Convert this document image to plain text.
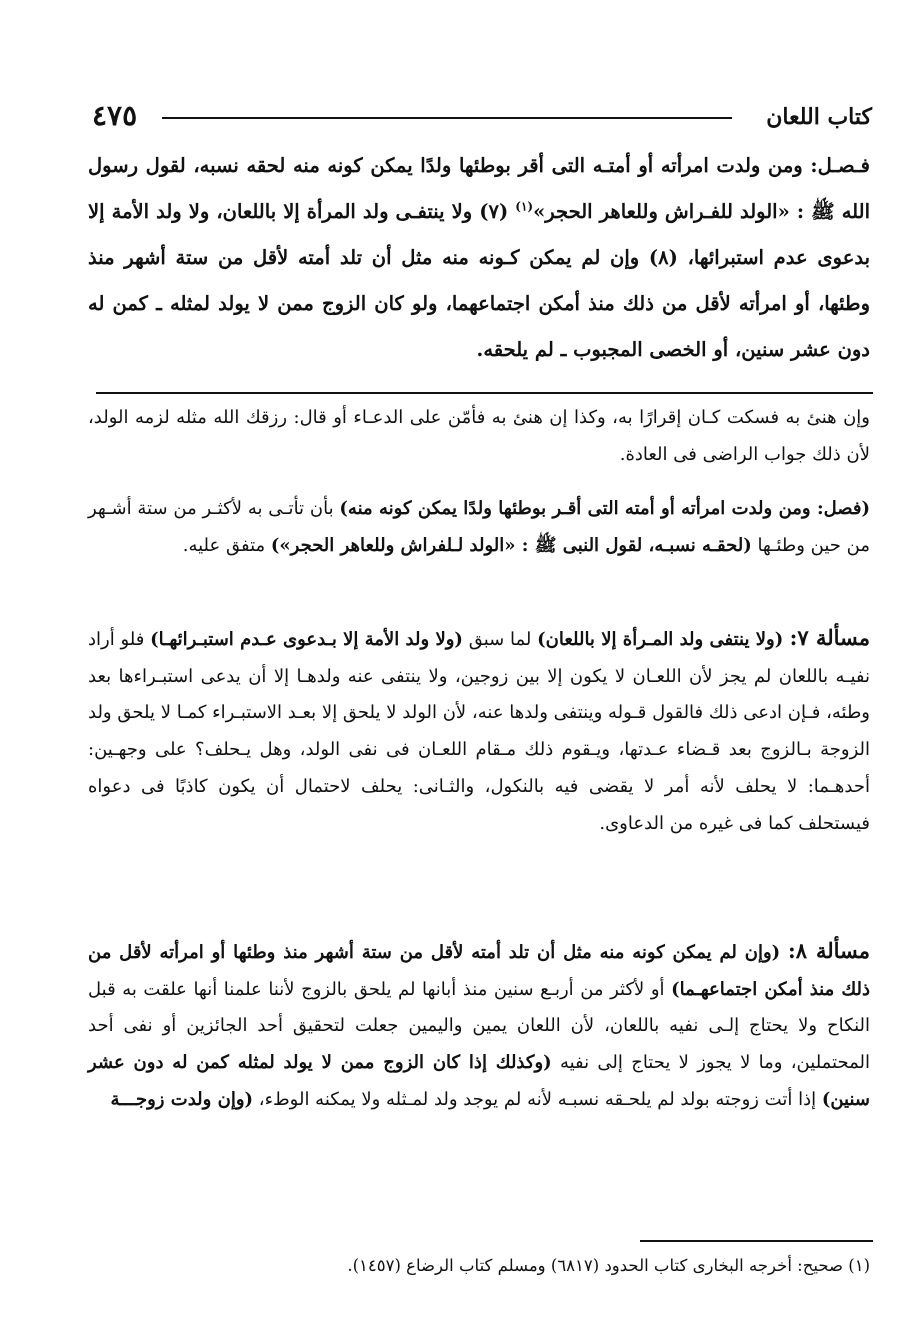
كتاب اللعان
٤٧٥

فـصـل: ومن ولدت امرأته أو أمتـه التى أقر بوطئها ولدًا يمكن كونه منه لحقه نسبه، لقول رسول الله ﷺ : «الولد للفـراش وللعاهر الحجر»$^{(١)}$ (٧) ولا ينتفـى ولد المرأة إلا باللعان، ولا ولد الأمة إلا بدعوى عدم استبرائها، (٨) وإن لم يمكن كـونه منه مثل أن تلد أمته لأقل من ستة أشهر منذ وطئها، أو امرأته لأقل من ذلك منذ أمكن اجتماعهما، ولو كان الزوج ممن لا يولد لمثله ـ كمن له دون عشر سنين، أو الخصى المجبوب ـ لم يلحقه.

وإن هنئ به فسكت كـان إقرارًا به، وكذا إن هنئ به فأمّن على الدعـاء أو قال: رزقك الله مثله لزمه الولد، لأن ذلك جواب الراضى فى العادة.

(فصل: ومن ولدت امرأته أو أمته التى أقـر بوطئها ولدًا يمكن كونه منه) بأن تأتـى به لأكثـر من ستة أشـهر من حين وطئـها (لحقـه نسبـه، لقول النبى ﷺ : «الولد لـلفراش وللعاهر الحجر») متفق عليه.

مسألة ٧: (ولا ينتفى ولد المـرأة إلا باللعان) لما سبق (ولا ولد الأمة إلا بـدعوى عـدم استبـرائهـا) فلو أراد نفيـه باللعان لم يجز لأن اللعـان لا يكون إلا بين زوجين، ولا ينتفى عنه ولدهـا إلا أن يدعى استبـراءها بعد وطئه، فـإن ادعى ذلك فالقول قـوله وينتفى ولدها عنه، لأن الولد لا يلحق إلا بعـد الاستبـراء كمـا لا يلحق ولد الزوجة بـالزوج بعد قـضاء عـدتها، ويـقوم ذلك مـقام اللعـان فى نفى الولد، وهل يـحلف؟ على وجهـين: أحدهـما: لا يحلف لأنه أمر لا يقضى فيه بالنكول، والثـانى: يحلف لاحتمال أن يكون كاذبًا فى دعواه فيستحلف كما فى غيره من الدعاوى.

مسألة ٨: (وإن لم يمكن كونه منه مثل أن تلد أمته لأقل من ستة أشهر منذ وطئها أو امرأته لأقل من ذلك منذ أمكن اجتماعهـما) أو لأكثر من أربـع سنين منذ أبانها لم يلحق بالزوج لأننا علمنا أنها علقت به قبل النكاح ولا يحتاج إلـى نفيه باللعان، لأن اللعان يمين واليمين جعلت لتحقيق أحد الجائزين أو نفى أحد المحتملين، وما لا يجوز لا يحتاج إلى نفيه (وكذلك إذا كان الزوج ممن لا يولد لمثله كمن له دون عشر سنين) إذا أتت زوجته بولد لم يلحـقه نسبـه لأنه لم يوجد ولد لمـثله ولا يمكنه الوطء، (وإن ولدت زوجـــة

(١) صحيح: أخرجه البخارى كتاب الحدود (٦٨١٧) ومسلم كتاب الرضاع (١٤٥٧).
